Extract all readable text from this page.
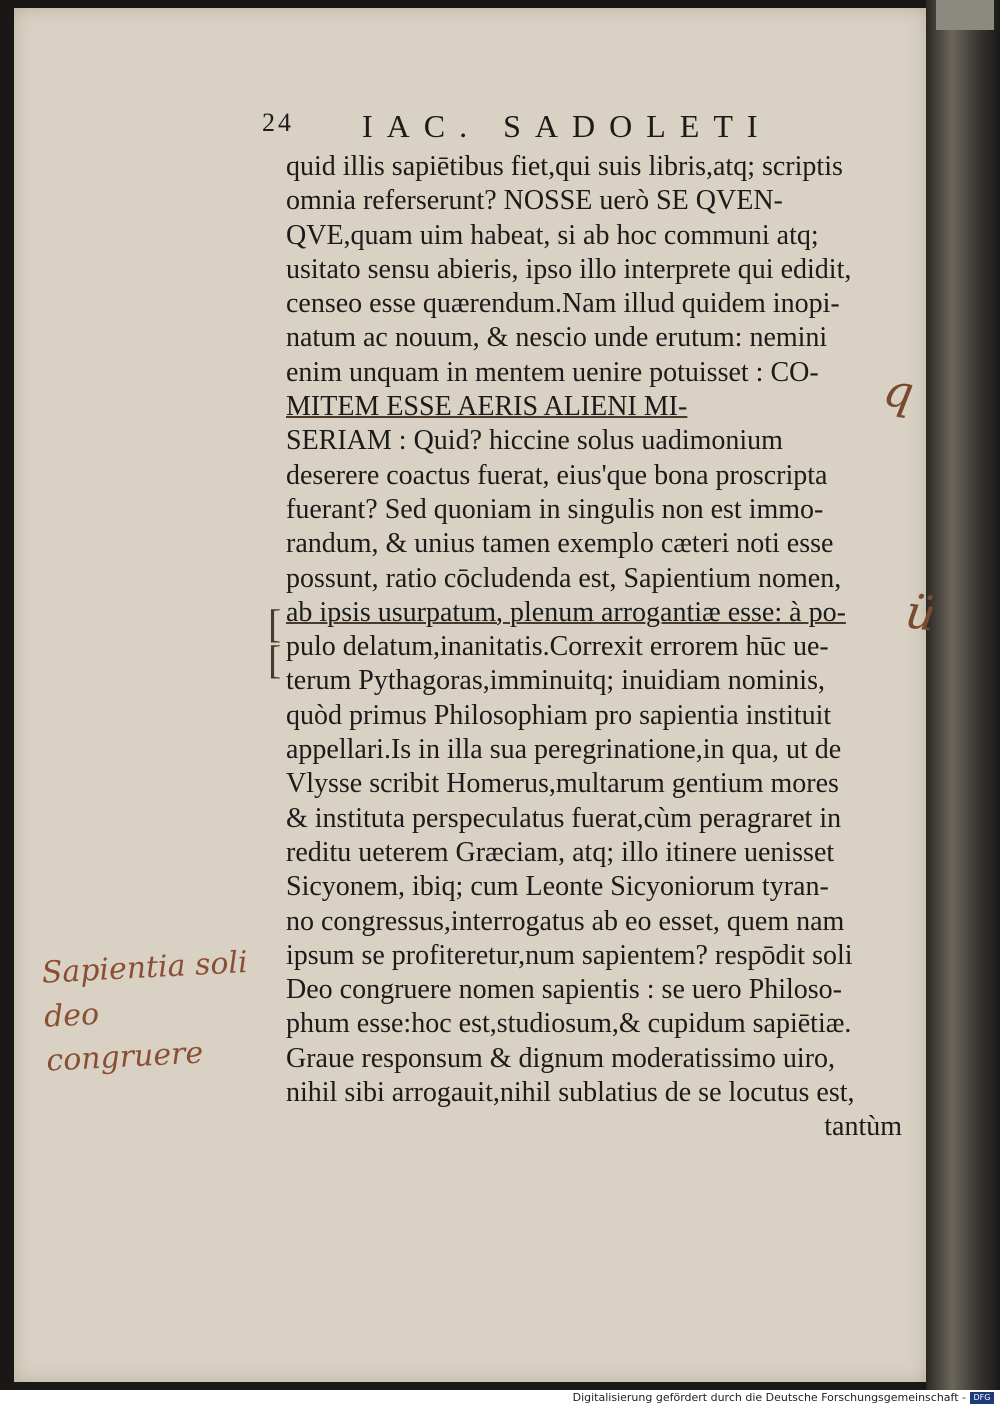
24 IAC. SADOLETI
quid illis sapiētibus fiet,qui suis libris,atq; scriptis
omnia referserunt? NOSSE uerò SE QVEN-
QVE,quam uim habeat, si ab hoc communi atq;
usitato sensu abieris, ipso illo interprete qui edidit,
censeo esse quærendum.Nam illud quidem inopi-
natum ac nouum, & nescio unde erutum: nemini
enim unquam in mentem uenire potuisset : CO-
MITEM ESSE AERIS ALIENI MI-
SERIAM : Quid? hiccine solus uadimonium
deserere coactus fuerat, eius'que bona proscripta
fuerant? Sed quoniam in singulis non est immo-
randum, & unius tamen exemplo cæteri noti esse
possunt, ratio cōcludenda est, Sapientium nomen,
ab ipsis usurpatum, plenum arrogantiæ esse: à po-
pulo delatum,inanitatis.Correxit errorem hūc ue-
terum Pythagoras,imminuitq; inuidiam nominis,
quòd primus Philosophiam pro sapientia instituit
appellari.Is in illa sua peregrinatione,in qua, ut de
Vlysse scribit Homerus,multarum gentium mores
& instituta perspeculatus fuerat,cùm peragraret in
reditu ueterem Græciam, atq; illo itinere uenisset
Sicyonem, ibiq; cum Leonte Sicyoniorum tyran-
no congressus,interrogatus ab eo esset, quem nam
ipsum se profiteretur,num sapientem? respōdit soli
Deo congruere nomen sapientis : se uero Philoso-
phum esse:hoc est,studiosum,& cupidum sapiētiæ.
Graue responsum & dignum moderatissimo uiro,
nihil sibi arrogauit,nihil sublatius de se locutus est,
tantùm
[
[
q
ü
Sapientia soli
deo congruere
Digitalisierung gefördert durch die Deutsche Forschungsgemeinschaft - DFG
